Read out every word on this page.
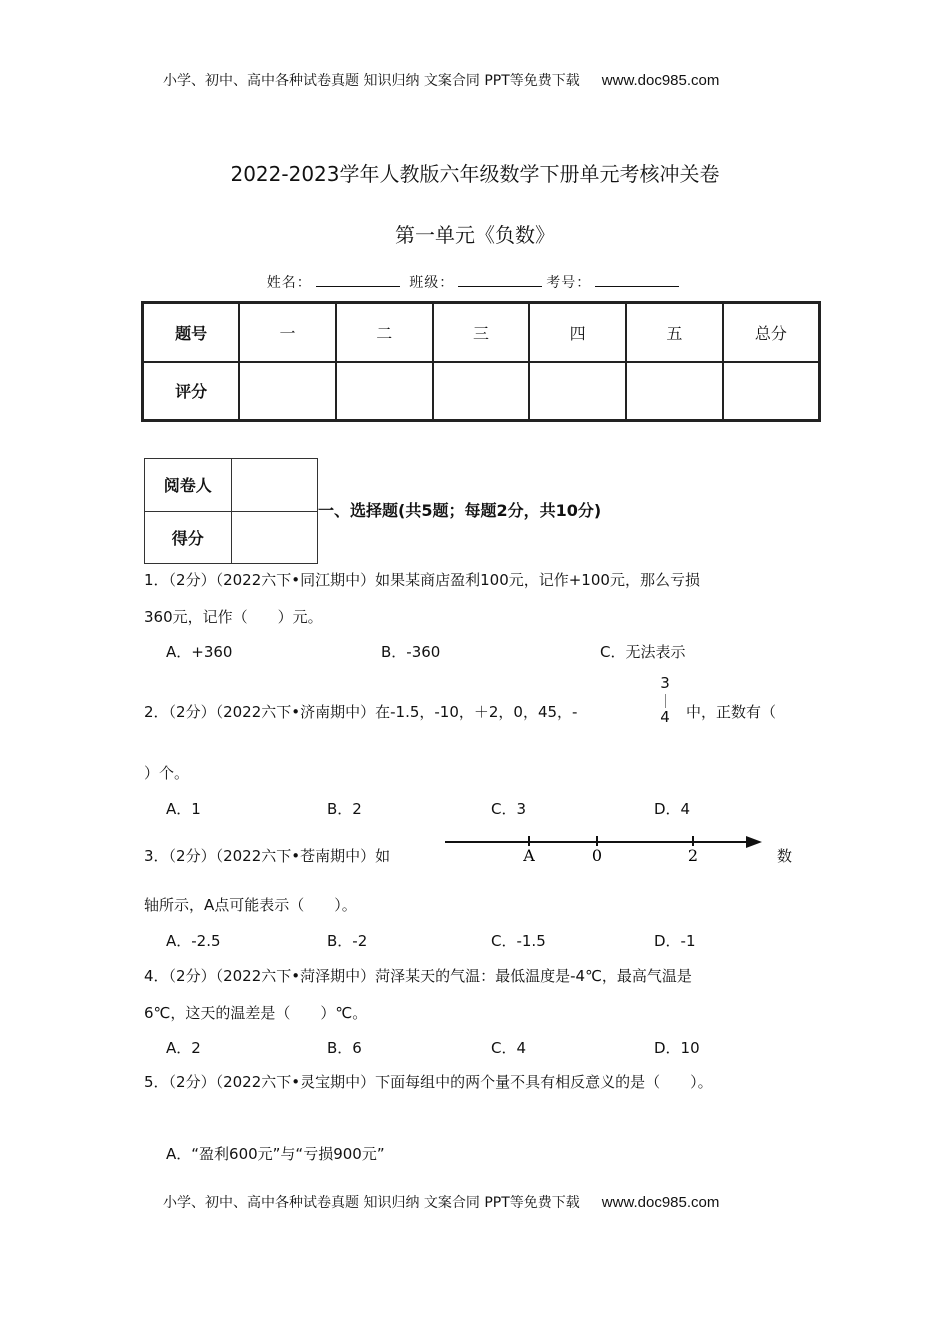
小学、初中、高中各种试卷真题 知识归纳 文案合同 PPT等免费下载 www.doc985.com
2022-2023学年人教版六年级数学下册单元考核冲关卷
第一单元《负数》
姓名：	班级：	考号：
题号	一	二	三	四	五	总分
评分						
阅卷人	
得分	
一、选择题(共5题；每题2分，共10分)
1．（2分）（2022六下•同江期中）如果某商店盈利100元，记作+100元，那么亏损
360元，记作（　　）元。
A．+360	B．-360	C．无法表示
2．（2分）（2022六下•济南期中）在-1.5，-10，＋2，0，45，-
3
4 中，正数有（
）个。
A．1	B．2	C．3	D．4
3．（2分）（2022六下•苍南期中）如	A	0	2	数
轴所示，A点可能表示（　　）。
A．-2.5	B．-2	C．-1.5	D．-1
4．（2分）（2022六下•菏泽期中）菏泽某天的气温：最低温度是-4℃，最高气温是
6℃，这天的温差是（　　）℃。
A．2	B．6	C．4	D．10
5．（2分）（2022六下•灵宝期中）下面每组中的两个量不具有相反意义的是（　　）。
A．“盈利600元”与“亏损900元”
小学、初中、高中各种试卷真题 知识归纳 文案合同 PPT等免费下载 www.doc985.com
